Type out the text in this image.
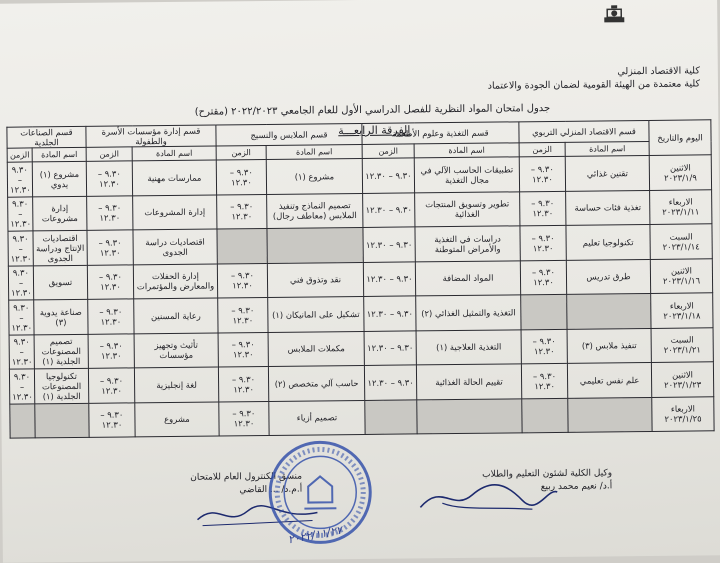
كلية الاقتصاد المنزلي
كلية معتمدة من الهيئة القومية لضمان الجودة والاعتماد
جدول امتحان المواد النظرية للفصل الدراسي الأول للعام الجامعي ٢٠٢٢/٢٠٢٣ (مقترح)
الفرقة الرابعـــة
اليوم والتاريخ	قسم الاقتصاد المنزلي التربوي		قسم التغذية وعلوم الأطعمة		قسم الملابس والنسيج		قسم إدارة مؤسسات الأسرة والطفولة		قسم الصناعات الجلدية	
	اسم المادة	الزمن	اسم المادة	الزمن	اسم المادة	الزمن	اسم المادة	الزمن	اسم المادة	الزمن

الاثنين
٢٠٢٣/١/٩	تقنين غذائي	٩.٣٠ – ١٢.٣٠	تطبيقات الحاسب الآلي في مجال التغذية	٩.٣٠ – ١٢.٣٠	مشروع (١)	٩.٣٠ – ١٢.٣٠	ممارسات مهنية	٩.٣٠ – ١٢.٣٠	مشروع (١) يدوي	٩.٣٠ – ١٢.٣٠

الاربعاء
٢٠٢٣/١/١١	تغذية فئات حساسة	٩.٣٠ – ١٢.٣٠	تطوير وتسويق المنتجات الغذائية	٩.٣٠ – ١٢.٣٠	تصميم النماذج وتنفيذ الملابس (معاطف رجال)	٩.٣٠ – ١٢.٣٠	إدارة المشروعات	٩.٣٠ – ١٢.٣٠	إدارة مشروعات	٩.٣٠ – ١٢.٣٠

السبت
٢٠٢٣/١/١٤	تكنولوجيا تعليم	٩.٣٠ – ١٢.٣٠	دراسات في التغذية والأمراض المتوطنة	٩.٣٠ – ١٢.٣٠			اقتصاديات دراسة الجدوى	٩.٣٠ – ١٢.٣٠	اقتصاديات الإنتاج ودراسة الجدوى	٩.٣٠ – ١٢.٣٠

الاثنين
٢٠٢٣/١/١٦	طرق تدريس	٩.٣٠ – ١٢.٣٠	المواد المضافة	٩.٣٠ – ١٢.٣٠	نقد وتذوق فني	٩.٣٠ – ١٢.٣٠	إدارة الحفلات والمعارض والمؤتمرات	٩.٣٠ – ١٢.٣٠	تسويق	٩.٣٠ – ١٢.٣٠

الاربعاء
٢٠٢٣/١/١٨			التغذية والتمثيل الغذائي (٢)	٩.٣٠ – ١٢.٣٠	تشكيل على المانيكان (١)	٩.٣٠ – ١٢.٣٠	رعاية المسنين	٩.٣٠ – ١٢.٣٠	صناعة يدوية (٣)	٩.٣٠ – ١٢.٣٠

السبت
٢٠٢٣/١/٢١	تنفيذ ملابس (٣)	٩.٣٠ – ١٢.٣٠	التغذية العلاجية (١)	٩.٣٠ – ١٢.٣٠	مكملات الملابس	٩.٣٠ – ١٢.٣٠	تأثيث وتجهيز مؤسسات	٩.٣٠ – ١٢.٣٠	تصميم المصنوعات الجلدية (١)	٩.٣٠ – ١٢.٣٠

الاثنين
٢٠٢٣/١/٢٣	علم نفس تعليمي	٩.٣٠ – ١٢.٣٠	تقييم الحالة الغذائية	٩.٣٠ – ١٢.٣٠	حاسب آلي متخصص (٢)	٩.٣٠ – ١٢.٣٠	لغة إنجليزية	٩.٣٠ – ١٢.٣٠	تكنولوجيا المصنوعات الجلدية (١)	٩.٣٠ – ١٢.٣٠

الاربعاء
٢٠٢٣/١/٢٥					تصميم أزياء	٩.٣٠ – ١٢.٣٠	مشروع	٩.٣٠ – ١٢.٣٠		
وكيل الكلية لشئون التعليم والطلاب
أ.د/ نعيم محمد ربيع
منسق الكنترول العام للامتحان
أ.م.د/ ... القاضي
٢٠٢٢/١١/٢٧
